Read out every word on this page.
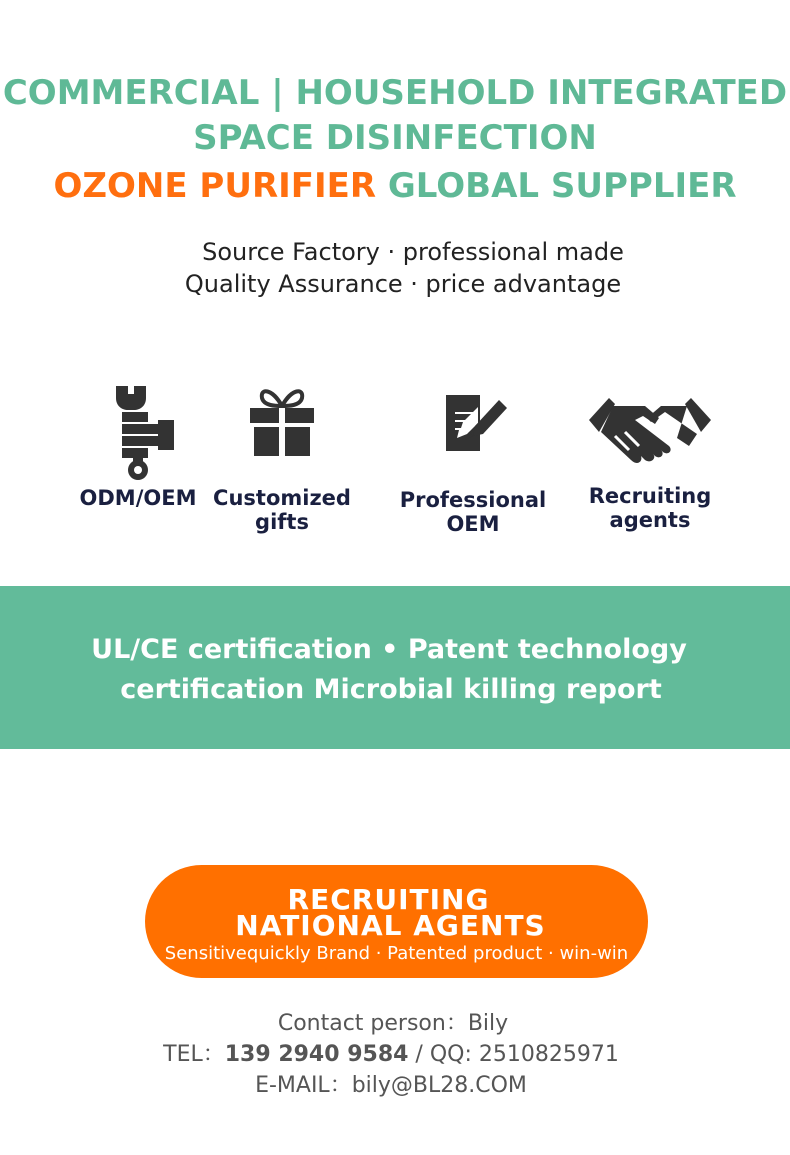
COMMERCIAL | HOUSEHOLD INTEGRATED
SPACE DISINFECTION
OZONE PURIFIER GLOBAL SUPPLIER
Source Factory · professional made
Quality Assurance · price advantage
ODM/OEM Customized
gifts
Professional
OEM
Recruiting
agents
UL/CE certification • Patent technology
certification Microbial killing report
RECRUITING
NATIONAL AGENTS
Sensitivequickly Brand · Patented product · win-win
Contact person：Bily
TEL：139 2940 9584 / QQ: 2510825971
E-MAIL：bily@BL28.COM
